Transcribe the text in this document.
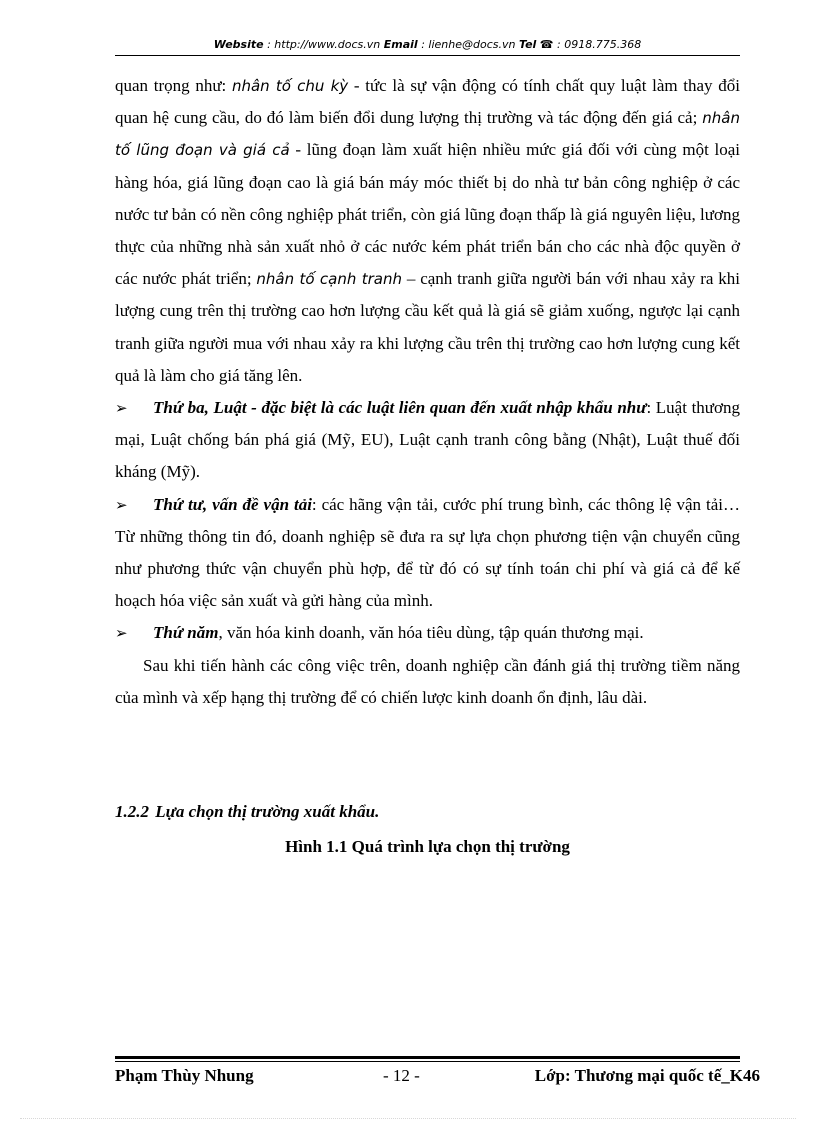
Website : http://www.docs.vn Email : lienhe@docs.vn Tel ☎ : 0918.775.368

quan trọng như: nhân tố chu kỳ - tức là sự vận động có tính chất quy luật làm thay đổi quan hệ cung cầu, do đó làm biến đổi dung lượng thị trường và tác động đến giá cả; nhân tố lũng đoạn và giá cả - lũng đoạn làm xuất hiện nhiều mức giá đối với cùng một loại hàng hóa, giá lũng đoạn cao là giá bán máy móc thiết bị do nhà tư bản công nghiệp ở các nước tư bản có nền công nghiệp phát triển, còn giá lũng đoạn thấp là giá nguyên liệu, lương thực của những nhà sản xuất nhỏ ở các nước kém phát triển bán cho các nhà độc quyền ở các nước phát triển; nhân tố cạnh tranh – cạnh tranh giữa người bán với nhau xảy ra khi lượng cung trên thị trường cao hơn lượng cầu kết quả là giá sẽ giảm xuống, ngược lại cạnh tranh giữa người mua với nhau xảy ra khi lượng cầu trên thị trường cao hơn lượng cung kết quả là làm cho giá tăng lên.

➢ Thứ ba, Luật - đặc biệt là các luật liên quan đến xuất nhập khẩu như: Luật thương mại, Luật chống bán phá giá (Mỹ, EU), Luật cạnh tranh công bằng (Nhật), Luật thuế đối kháng (Mỹ).

➢ Thứ tư, vấn đề vận tải: các hãng vận tải, cước phí trung bình, các thông lệ vận tải… Từ những thông tin đó, doanh nghiệp sẽ đưa ra sự lựa chọn phương tiện vận chuyển cũng như phương thức vận chuyển phù hợp, để từ đó có sự tính toán chi phí và giá cả để kế hoạch hóa việc sản xuất và gửi hàng của mình.

➢ Thứ năm, văn hóa kinh doanh, văn hóa tiêu dùng, tập quán thương mại.

Sau khi tiến hành các công việc trên, doanh nghiệp cần đánh giá thị trường tiềm năng của mình và xếp hạng thị trường để có chiến lược kinh doanh ổn định, lâu dài.

1.2.2 Lựa chọn thị trường xuất khẩu.
Hình 1.1 Quá trình lựa chọn thị trường
Phạm Thùy Nhung	- 12 -	Lớp: Thương mại quốc tế_K46
